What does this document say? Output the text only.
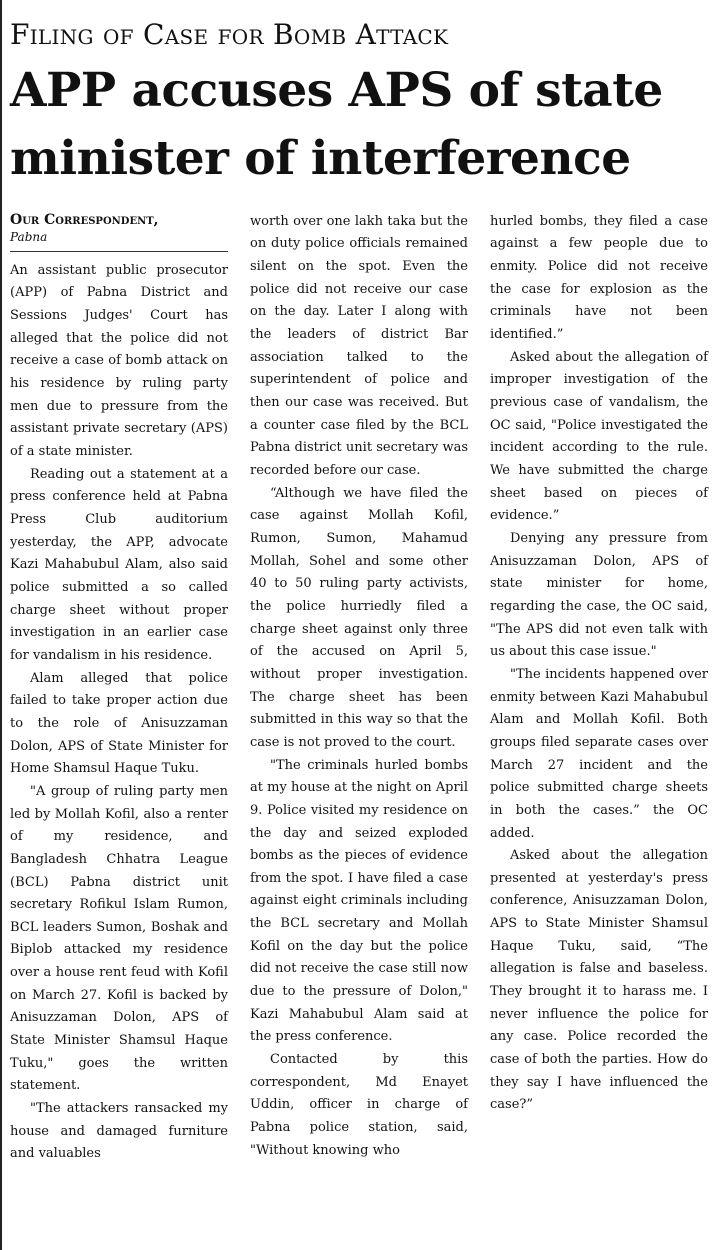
Filing of Case for Bomb Attack
APP accuses APS of state minister of interference
Our Correspondent,
Pabna

An assistant public prosecutor (APP) of Pabna District and Sessions Judges' Court has alleged that the police did not receive a case of bomb attack on his residence by ruling party men due to pressure from the assistant private secretary (APS) of a state minister.

Reading out a statement at a press conference held at Pabna Press Club auditorium yesterday, the APP, advocate Kazi Mahabubul Alam, also said police submitted a so called charge sheet without proper investigation in an earlier case for vandalism in his residence.

Alam alleged that police failed to take proper action due to the role of Anisuzzaman Dolon, APS of State Minister for Home Shamsul Haque Tuku.

"A group of ruling party men led by Mollah Kofil, also a renter of my residence, and Bangladesh Chhatra League (BCL) Pabna district unit secretary Rofikul Islam Rumon, BCL leaders Sumon, Boshak and Biplob attacked my residence over a house rent feud with Kofil on March 27. Kofil is backed by Anisuzzaman Dolon, APS of State Minister Shamsul Haque Tuku," goes the written statement.

"The attackers ransacked my house and damaged furniture and valuables

worth over one lakh taka but the on duty police officials remained silent on the spot. Even the police did not receive our case on the day. Later I along with the leaders of district Bar association talked to the superintendent of police and then our case was received. But a counter case filed by the BCL Pabna district unit secretary was recorded before our case.

“Although we have filed the case against Mollah Kofil, Rumon, Sumon, Mahamud Mollah, Sohel and some other 40 to 50 ruling party activists, the police hurriedly filed a charge sheet against only three of the accused on April 5, without proper investigation. The charge sheet has been submitted in this way so that the case is not proved to the court.

"The criminals hurled bombs at my house at the night on April 9. Police visited my residence on the day and seized exploded bombs as the pieces of evidence from the spot. I have filed a case against eight criminals including the BCL secretary and Mollah Kofil on the day but the police did not receive the case still now due to the pressure of Dolon," Kazi Mahabubul Alam said at the press conference.

Contacted by this correspondent, Md Enayet Uddin, officer in charge of Pabna police station, said, "Without knowing who

hurled bombs, they filed a case against a few people due to enmity. Police did not receive the case for explosion as the criminals have not been identified.”

Asked about the allegation of improper investigation of the previous case of vandalism, the OC said, "Police investigated the incident according to the rule. We have submitted the charge sheet based on pieces of evidence.”

Denying any pressure from Anisuzzaman Dolon, APS of state minister for home, regarding the case, the OC said, "The APS did not even talk with us about this case issue."

"The incidents happened over enmity between Kazi Mahabubul Alam and Mollah Kofil. Both groups filed separate cases over March 27 incident and the police submitted charge sheets in both the cases.” the OC added.

Asked about the allegation presented at yesterday's press conference, Anisuzzaman Dolon, APS to State Minister Shamsul Haque Tuku, said, “The allegation is false and baseless. They brought it to harass me. I never influence the police for any case. Police recorded the case of both the parties. How do they say I have influenced the case?”
